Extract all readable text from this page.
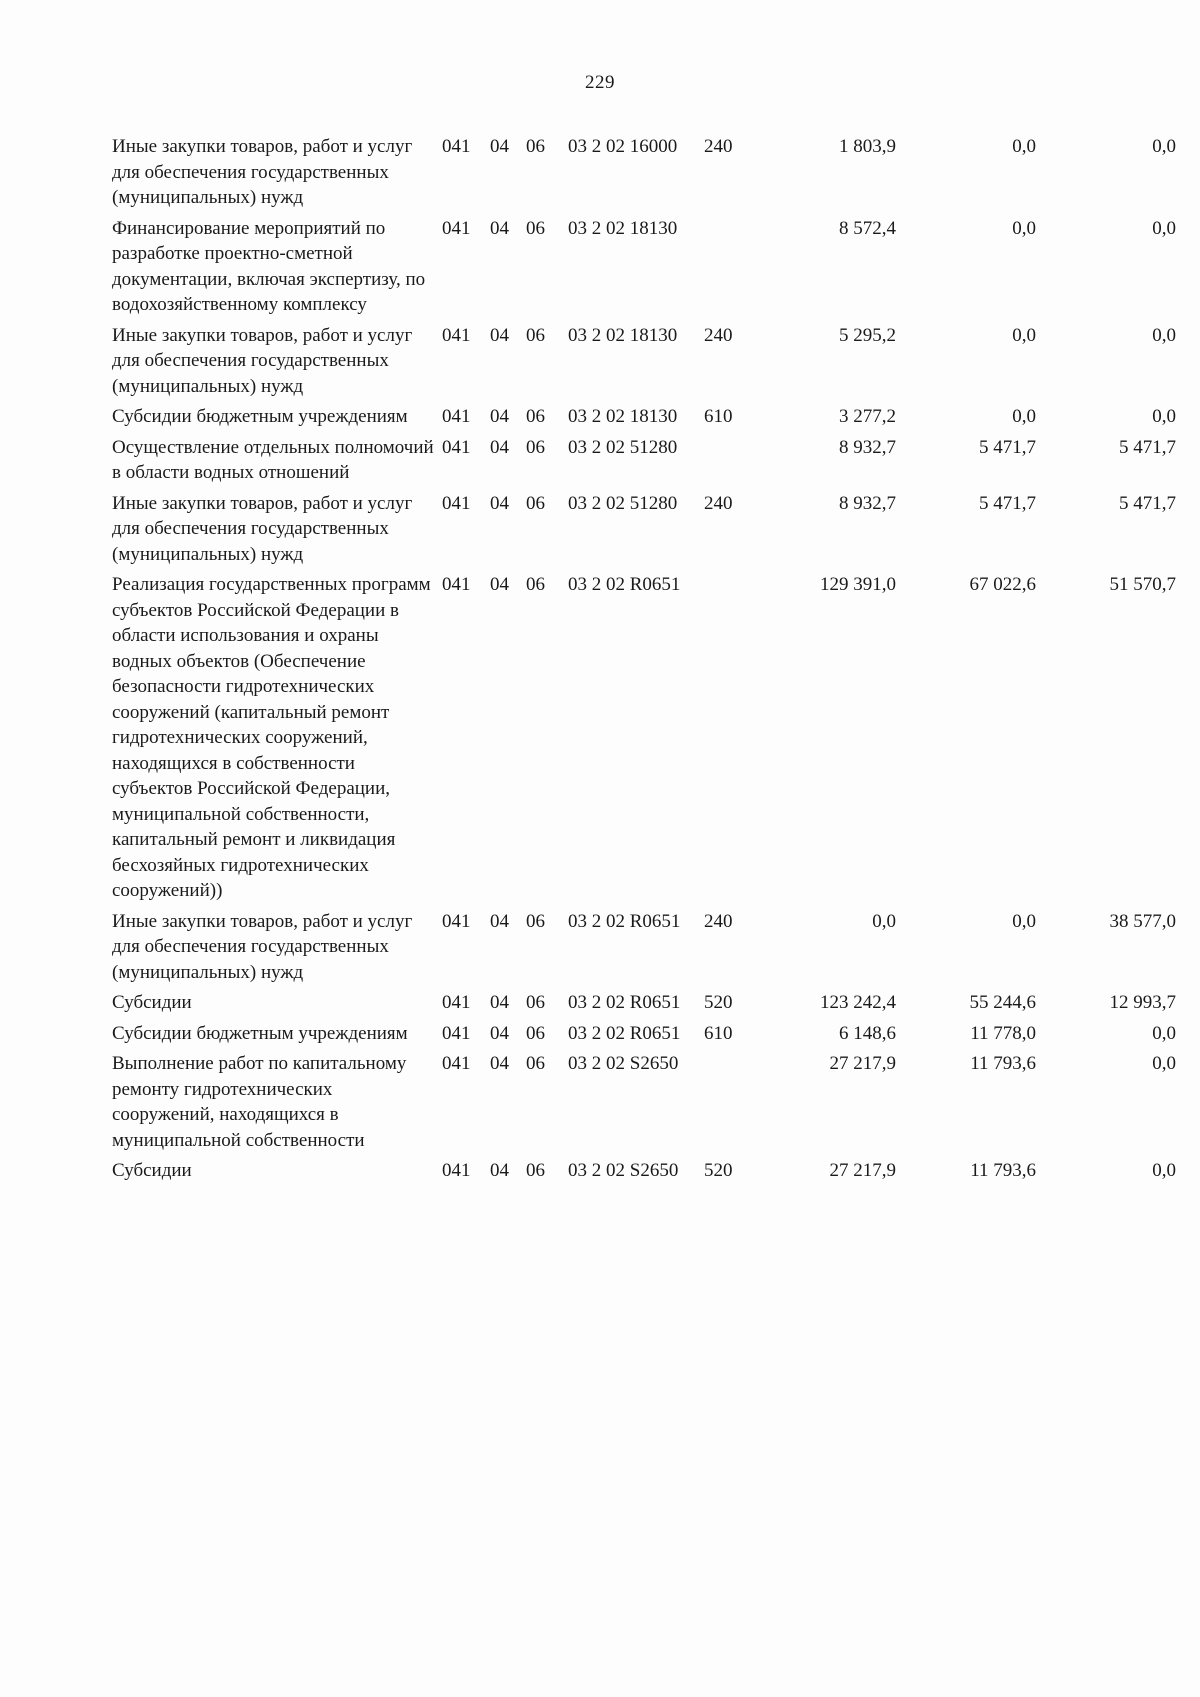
229
Иные закупки товаров, работ и услуг для обеспечения государственных (муниципальных) нужд	041	04	06	03 2 02 16000	240	1 803,9	0,0	0,0
Финансирование мероприятий по разработке проектно-сметной документации, включая экспертизу, по водохозяйственному комплексу	041	04	06	03 2 02 18130		8 572,4	0,0	0,0
Иные закупки товаров, работ и услуг для обеспечения государственных (муниципальных) нужд	041	04	06	03 2 02 18130	240	5 295,2	0,0	0,0
Субсидии бюджетным учреждениям	041	04	06	03 2 02 18130	610	3 277,2	0,0	0,0
Осуществление отдельных полномочий в области водных отношений	041	04	06	03 2 02 51280		8 932,7	5 471,7	5 471,7
Иные закупки товаров, работ и услуг для обеспечения государственных (муниципальных) нужд	041	04	06	03 2 02 51280	240	8 932,7	5 471,7	5 471,7
Реализация государственных программ субъектов Российской Федерации в области использования и охраны водных объектов (Обеспечение безопасности гидротехнических сооружений (капитальный ремонт гидротехнических сооружений, находящихся в собственности субъектов Российской Федерации, муниципальной собственности, капитальный ремонт и ликвидация бесхозяйных гидротехнических сооружений))	041	04	06	03 2 02 R0651		129 391,0	67 022,6	51 570,7
Иные закупки товаров, работ и услуг для обеспечения государственных (муниципальных) нужд	041	04	06	03 2 02 R0651	240	0,0	0,0	38 577,0
Субсидии	041	04	06	03 2 02 R0651	520	123 242,4	55 244,6	12 993,7
Субсидии бюджетным учреждениям	041	04	06	03 2 02 R0651	610	6 148,6	11 778,0	0,0
Выполнение работ по капитальному ремонту гидротехнических сооружений, находящихся в муниципальной собственности	041	04	06	03 2 02 S2650		27 217,9	11 793,6	0,0
Субсидии	041	04	06	03 2 02 S2650	520	27 217,9	11 793,6	0,0
